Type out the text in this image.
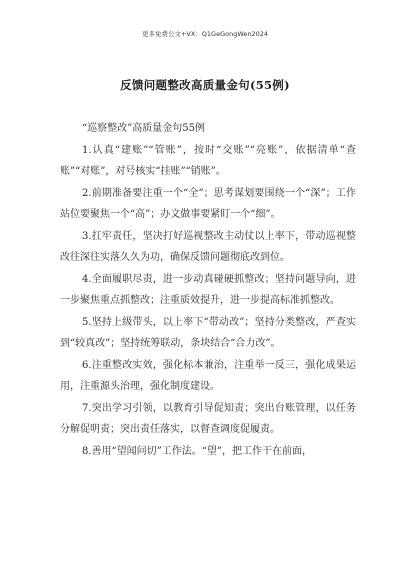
更多免费公文+VX：Q1GeGongWen2024
反馈问题整改高质量金句(55例)

“巡察整改”高质量金句55例

1.认真“建账”“管账”，按时“交账”“亮账”，依据清单“查账”“对账”，对号核实“挂账”“销账”。

2.前期准备要注重一个“全”；思考谋划要围绕一个“深”；工作站位要聚焦一个“高”；办文做事要紧盯一个“细”。

3.扛牢责任，坚决打好巡视整改主动仗以上率下，带动巡视整改往深往实落久久为功，确保反馈问题彻底改到位。

4.全面履职尽责，进一步动真碰硬抓整改；坚持问题导向，进一步聚焦重点抓整改；注重质效提升，进一步提高标准抓整改。

5.坚持上级带头，以上率下“带动改”；坚持分类整改，严查实到“较真改”；坚持统筹联动，条块结合“合力改”。

6.注重整改实效，强化标本兼治，注重举一反三，强化成果运用，注重源头治理，强化制度建设。

7.突出学习引领，以教育引导促知责；突出台账管理，以任务分解促明责；突出责任落实，以督查调度促履责。

8.善用“望闻问切”工作法。“望”，把工作干在前面，
